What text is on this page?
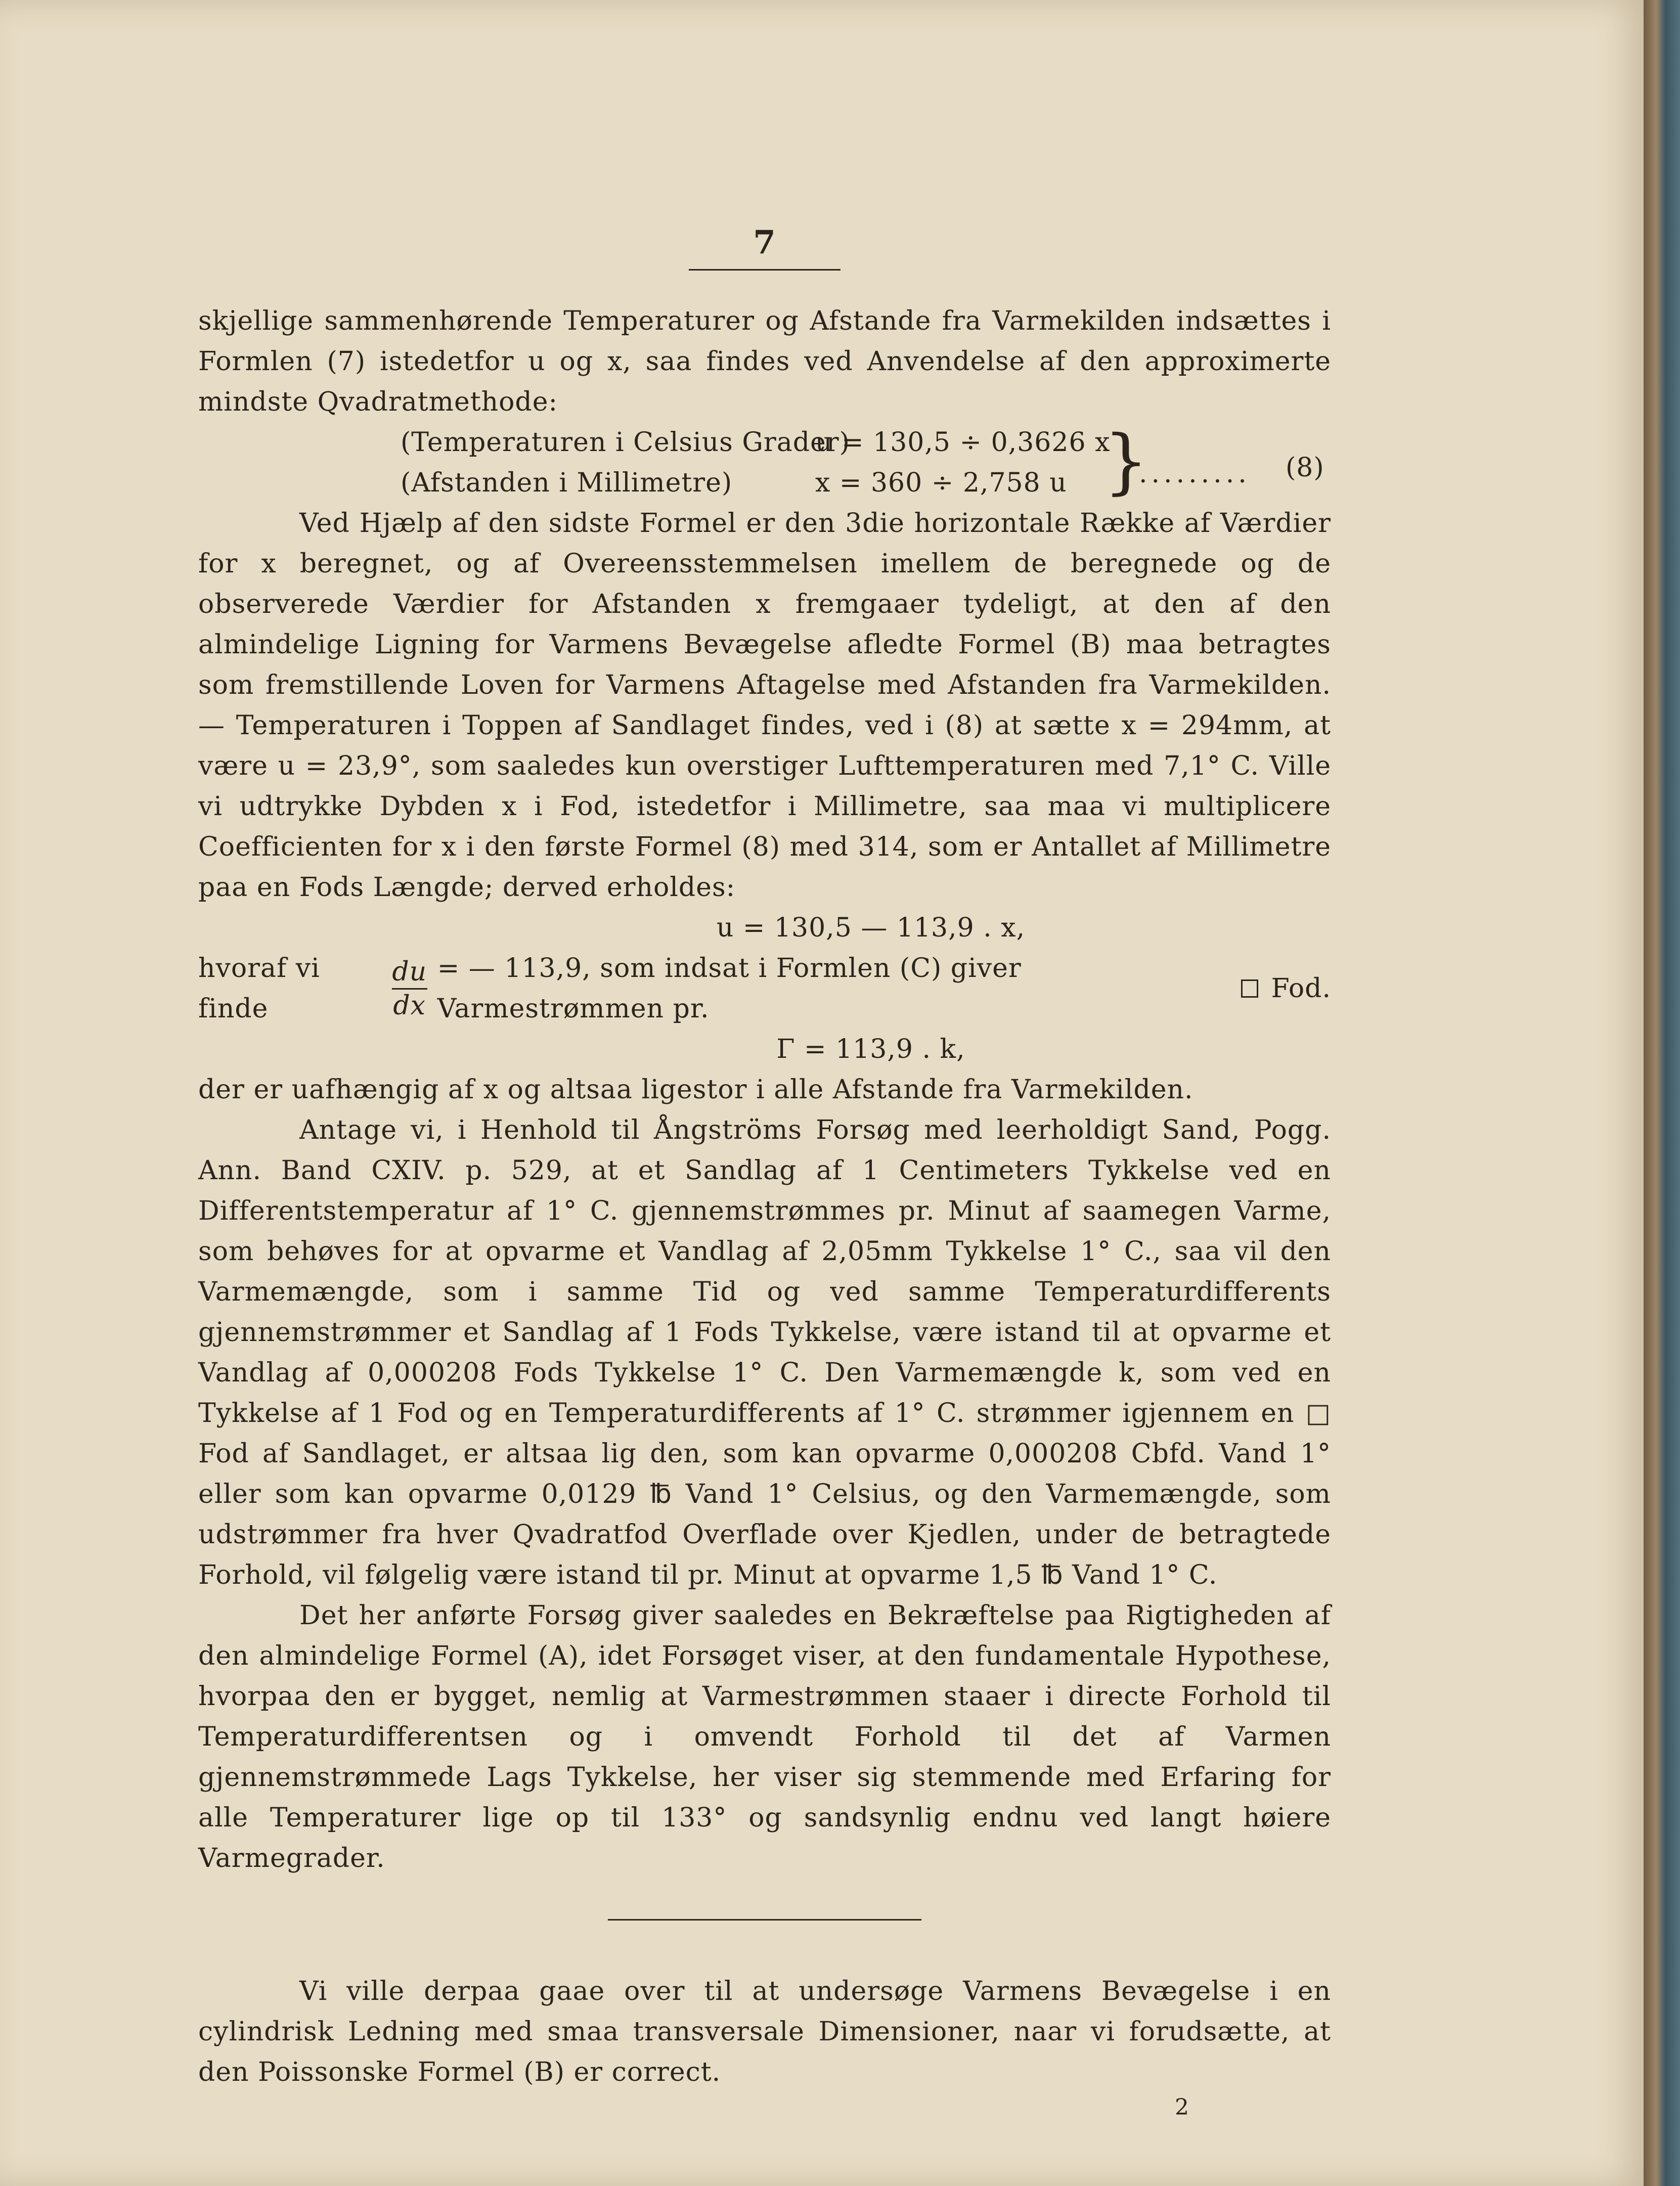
7

skjellige sammenhørende Temperaturer og Afstande fra Varmekilden indsættes i Formlen (7) istedetfor u og x, saa findes ved Anvendelse af den approximerte mindste Qvadratmethode:

(Temperaturen i Celsius Grader)u = 130,5 ÷ 0,3626 x
(Afstanden i Millimetre)	x = 360 ÷ 2,758 u }
......... (8)

Ved Hjælp af den sidste Formel er den 3die horizontale Række af Værdier for x beregnet, og af Overeensstemmelsen imellem de beregnede og de observerede Værdier for Afstanden x fremgaaer tydeligt, at den af den almindelige Ligning for Varmens Bevægelse afledte Formel (B) maa betragtes som fremstillende Loven for Varmens Aftagelse med Afstanden fra Varmekilden. — Temperaturen i Toppen af Sandlaget findes, ved i (8) at sætte x = 294mm, at være u = 23,9°, som saaledes kun overstiger Lufttemperaturen med 7,1° C. Ville vi udtrykke Dybden x i Fod, istedetfor i Millimetre, saa maa vi multiplicere Coefficienten for x i den første Formel (8) med 314, som er Antallet af Millimetre paa en Fods Længde; derved erholdes:

u = 130,5 — 113,9 . x,

hvoraf vi finde	$\frac{du}{dx}$ = — 113,9, som indsat i Formlen (C) giver Varmestrømmen pr.
Fod.

Γ = 113,9 . k,

der er uafhængig af x og altsaa ligestor i alle Afstande fra Varmekilden.

Antage vi, i Henhold til Ångströms Forsøg med leerholdigt Sand, Pogg. Ann. Band CXIV. p. 529, at et Sandlag af 1 Centimeters Tykkelse ved en Differentstemperatur af 1° C. gjennemstrømmes pr. Minut af saamegen Varme, som behøves for at opvarme et Vandlag af 2,05mm Tykkelse 1° C., saa vil den Varmemængde, som i samme Tid og ved samme Temperaturdifferents gjennemstrømmer et Sandlag af 1 Fods Tykkelse, være istand til at opvarme et Vandlag af 0,000208 Fods Tykkelse 1° C. Den Varmemængde k, som ved en Tykkelse af 1 Fod og en Temperaturdifferents af 1° C. strømmer igjennem en □ Fod af Sandlaget, er altsaa lig den, som kan opvarme 0,000208 Cbfd. Vand 1° eller som kan opvarme 0,0129 ℔ Vand 1° Celsius, og den Varmemængde, som udstrømmer fra hver Qvadratfod Overflade over Kjedlen, under de betragtede Forhold, vil følgelig være istand til pr. Minut at opvarme 1,5 ℔ Vand 1° C.

Det her anførte Forsøg giver saaledes en Bekræftelse paa Rigtigheden af den almindelige Formel (A), idet Forsøget viser, at den fundamentale Hypothese, hvorpaa den er bygget, nemlig at Varmestrømmen staaer i directe Forhold til Temperaturdifferentsen og i omvendt Forhold til det af Varmen gjennemstrømmede Lags Tykkelse, her viser sig stemmende med Erfaring for alle Temperaturer lige op til 133° og sandsynlig endnu ved langt høiere Varmegrader.

Vi ville derpaa gaae over til at undersøge Varmens Bevægelse i en cylindrisk Ledning med smaa transversale Dimensioner, naar vi forudsætte, at den Poissonske Formel (B) er correct.

2
